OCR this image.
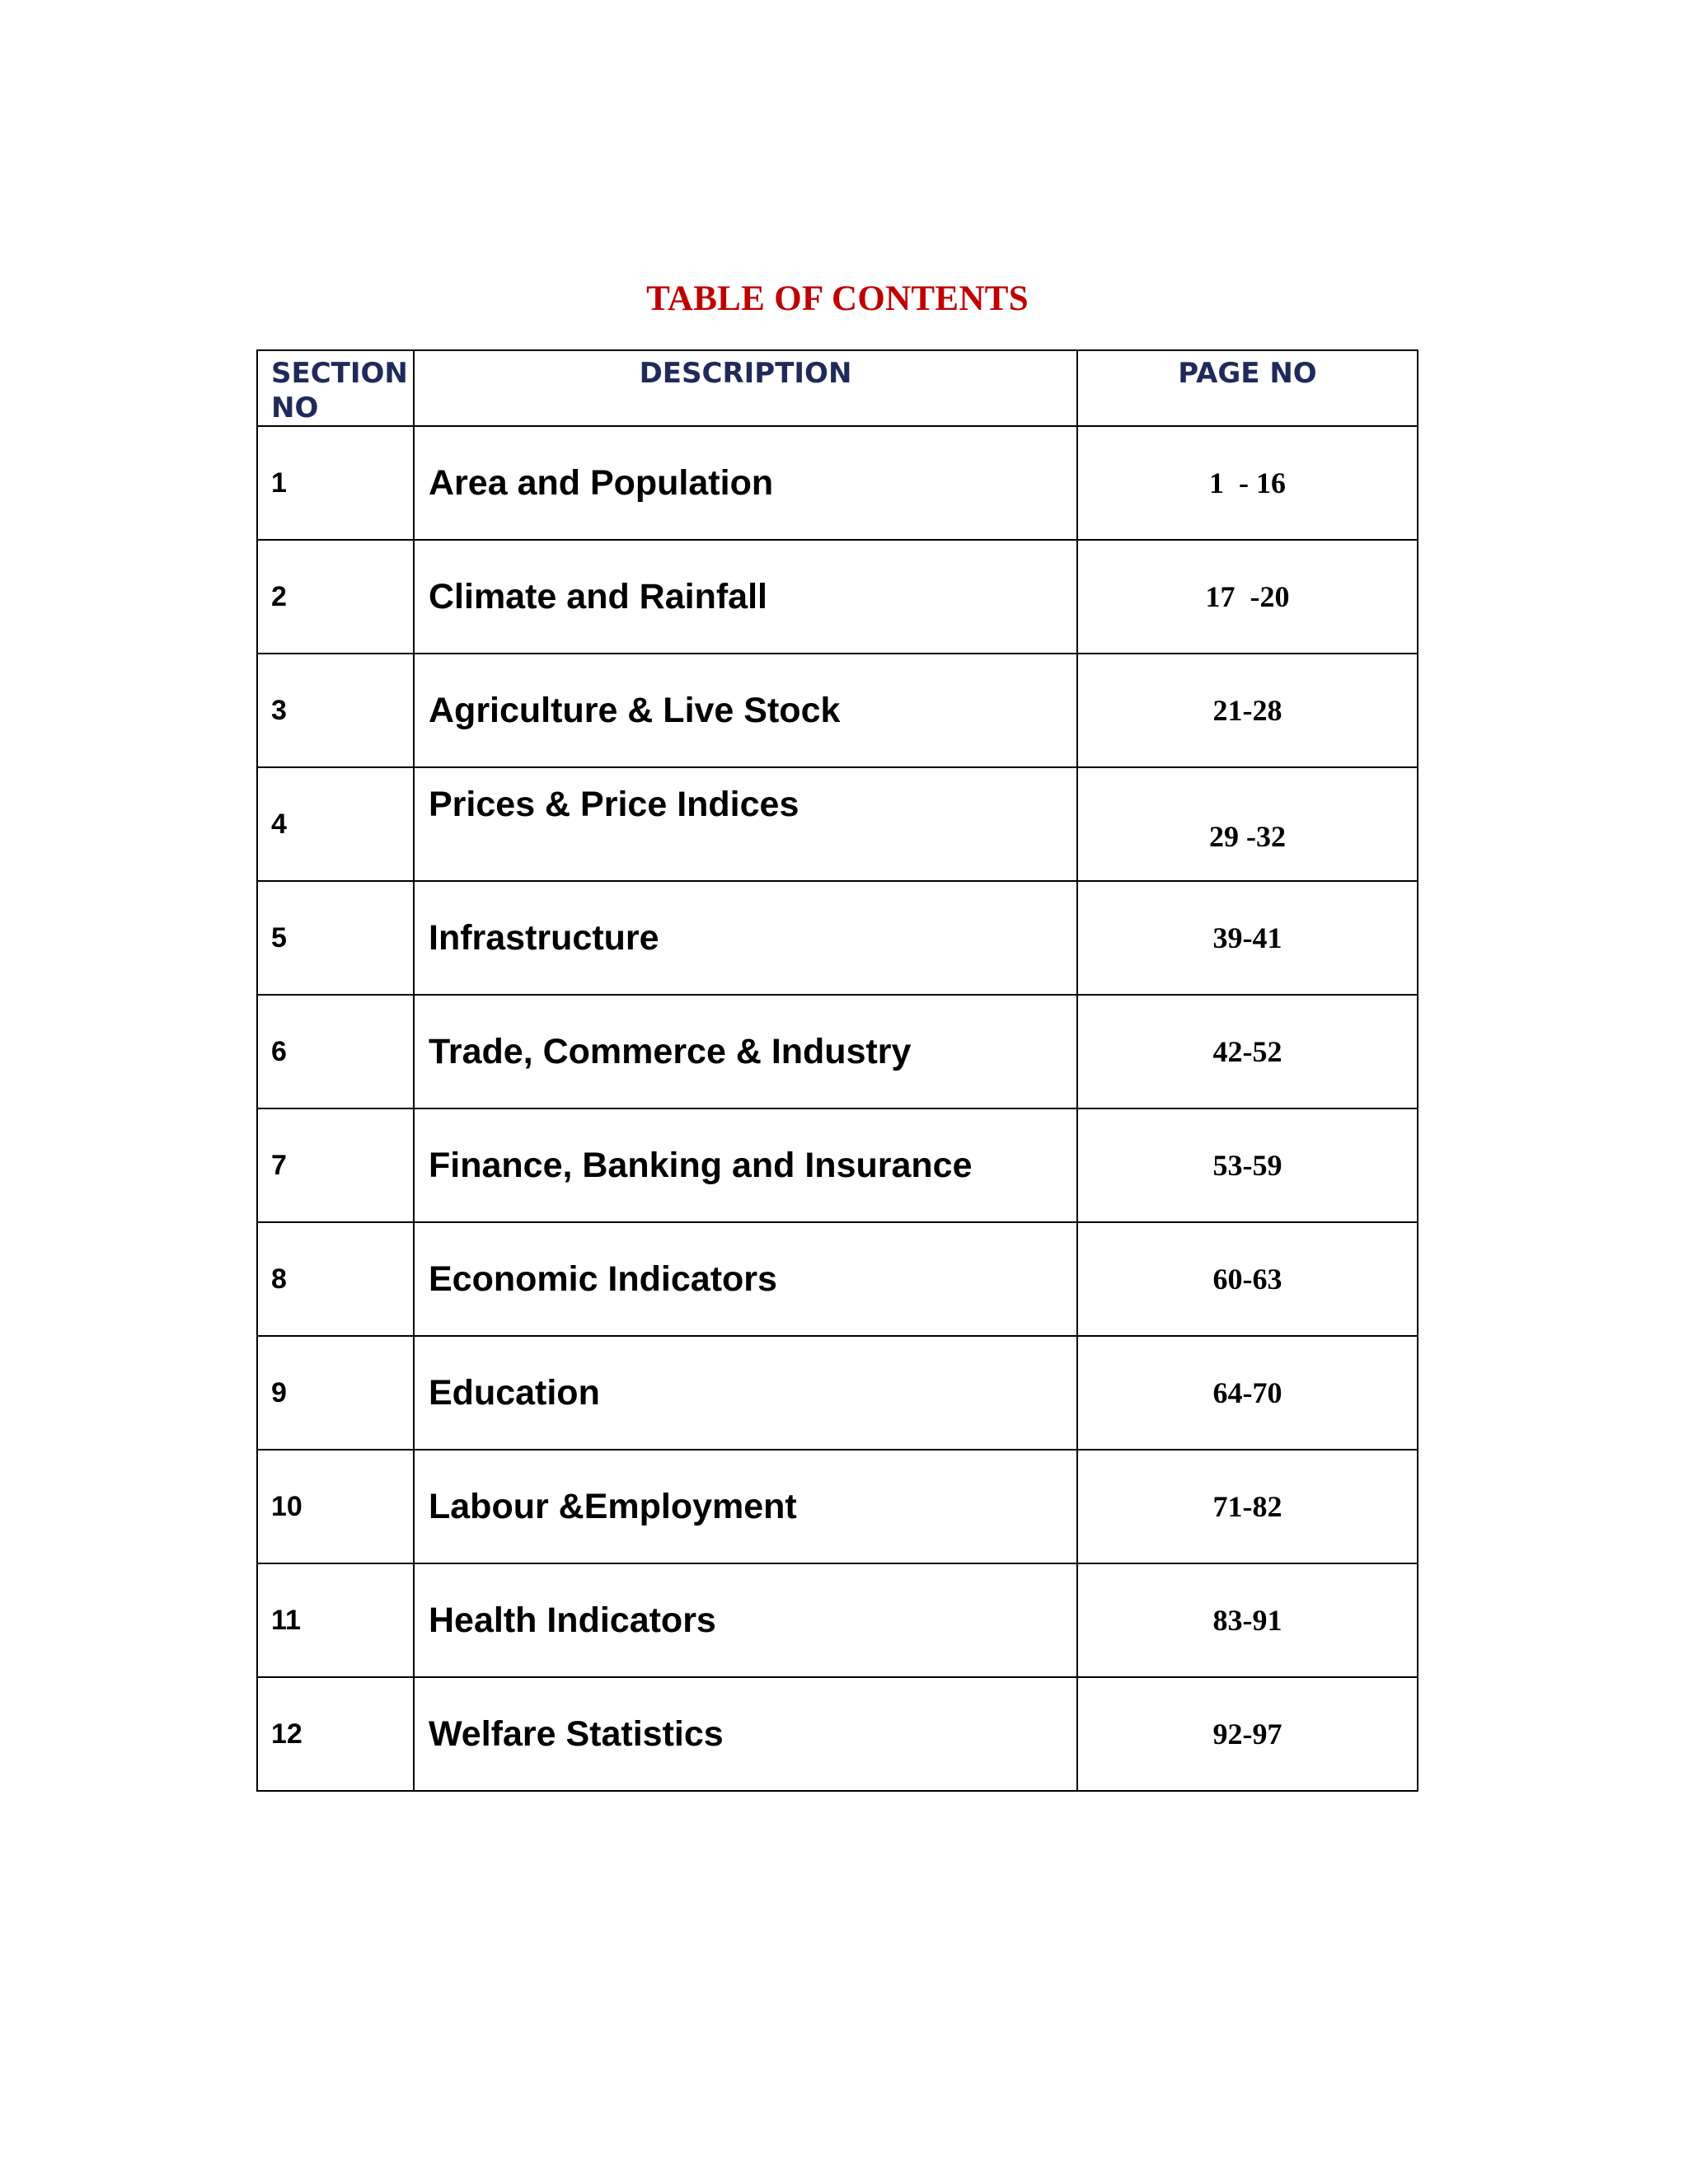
TABLE OF CONTENTS
SECTION NO	DESCRIPTION	PAGE NO
1	Area and Population	1  - 16
2	Climate and Rainfall	17  -20
3	Agriculture & Live Stock	21-28
4	Prices & Price Indices	29 -32
5	Infrastructure	39-41
6	Trade, Commerce & Industry	42-52
7	Finance, Banking and Insurance	53-59
8	Economic Indicators	60-63
9	Education	64-70
10	Labour &Employment	71-82
11	Health Indicators	83-91
12	Welfare Statistics	92-97
